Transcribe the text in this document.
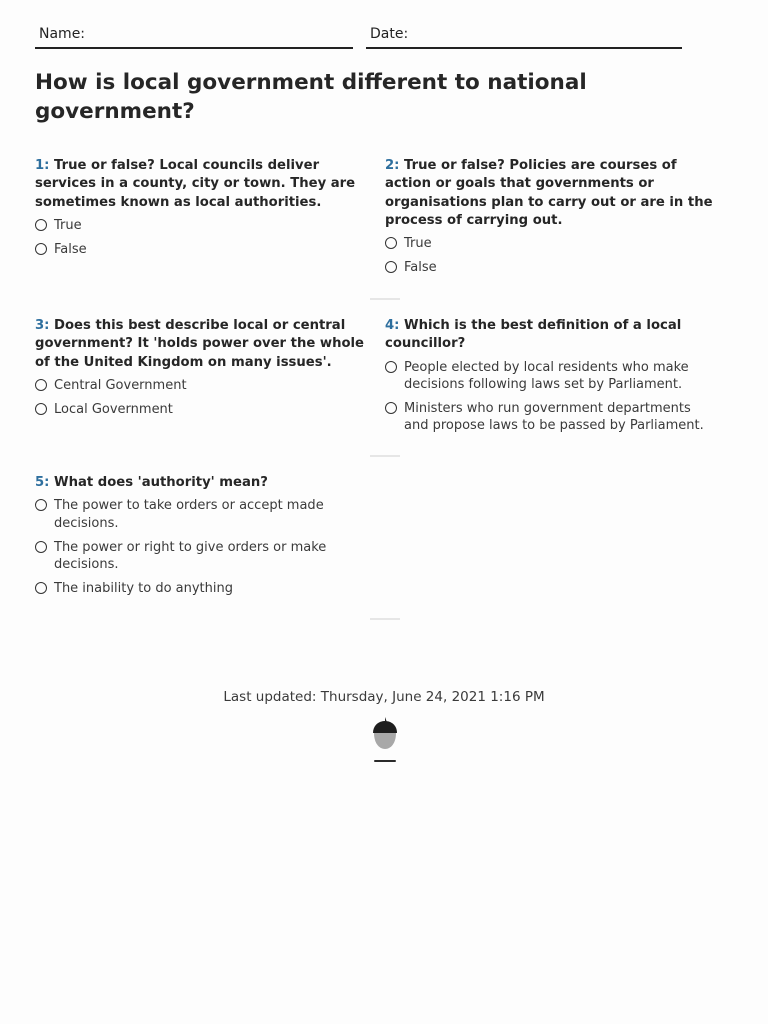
Name:	Date:
How is local government different to national government?

1: True or false? Local councils deliver services in a county, city or town. They are sometimes known as local authorities.

True
False

2: True or false? Policies are courses of action or goals that governments or organisations plan to carry out or are in the process of carrying out.

True
False

3: Does this best describe local or central government? It 'holds power over the whole of the United Kingdom on many issues'.

Central Government
Local Government

4: Which is the best definition of a local councillor?

People elected by local residents who make decisions following laws set by Parliament.
Ministers who run government departments and propose laws to be passed by Parliament.

5: What does 'authority' mean?

The power to take orders or accept made decisions.
The power or right to give orders or make decisions.
The inability to do anything
Last updated: Thursday, June 24, 2021 1:16 PM
